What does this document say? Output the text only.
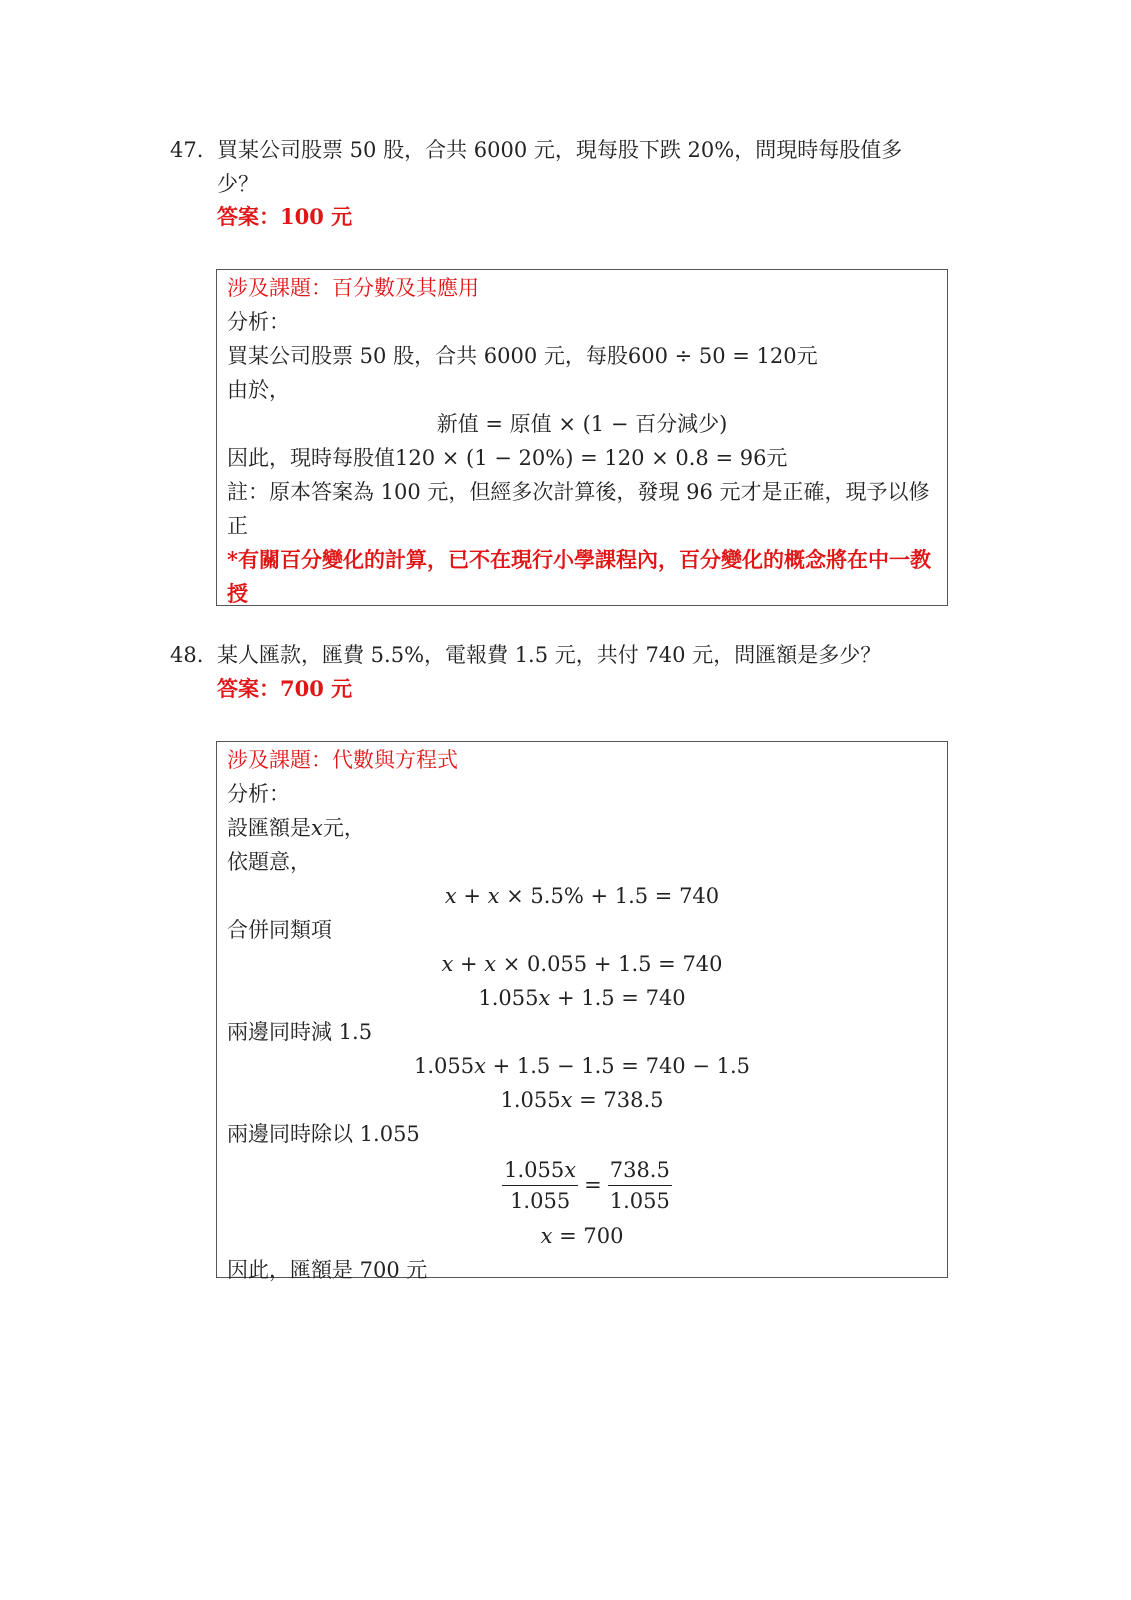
47. 買某公司股票 50 股，合共 6000 元，現每股下跌 20%，問現時每股值多少？
答案：100 元
涉及課題：百分數及其應用
分析：
買某公司股票 50 股，合共 6000 元，每股600 ÷ 50 = 120元
由於，
新值 = 原值 × (1 − 百分減少)
因此，現時每股值120 × (1 − 20%) = 120 × 0.8 = 96元
註：原本答案為 100 元，但經多次計算後，發現 96 元才是正確，現予以修正
*有關百分變化的計算，已不在現行小學課程內，百分變化的概念將在中一教授
48. 某人匯款，匯費 5.5%，電報費 1.5 元，共付 740 元，問匯額是多少？
答案：700 元
涉及課題：代數與方程式
分析：
設匯額是𝑥元，
依題意，
𝑥 + 𝑥 × 5.5% + 1.5 = 740
合併同類項
𝑥 + 𝑥 × 0.055 + 1.5 = 740
1.055𝑥 + 1.5 = 740
兩邊同時減 1.5
1.055𝑥 + 1.5 − 1.5 = 740 − 1.5
1.055𝑥 = 738.5
兩邊同時除以 1.055
$\frac{\text{1.055𝑥}}{1.055} = \frac{738.5}{1.055}$
𝑥 = 700
因此，匯額是 700 元
